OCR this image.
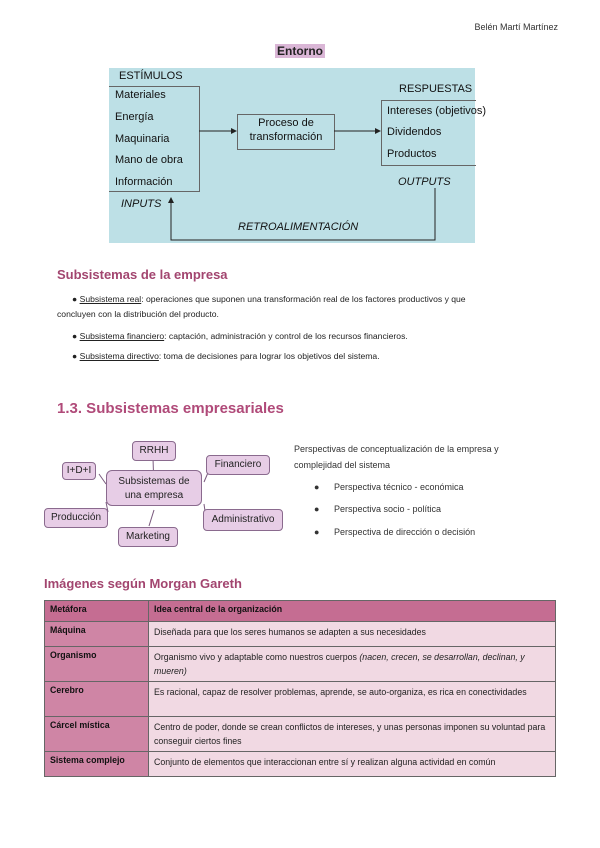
Belén Martí Martínez
Entorno
ESTÍMULOS
Materiales
Energía
Maquinaria
Mano de obra
Información
INPUTS
Proceso de
transformación
RESPUESTAS
Intereses (objetivos)
Dividendos
Productos
OUTPUTS
RETROALIMENTACIÓN
Subsistemas de la empresa
● Subsistema real: operaciones que suponen una transformación real de los factores productivos y que
concluyen con la distribución del producto.
● Subsistema financiero: captación, administración y control de los recursos financieros.
● Subsistema directivo: toma de decisiones para lograr los objetivos del sistema.
1.3. Subsistemas empresariales
Subsistemas de
una empresa
RRHH
Financiero
Administrativo
Marketing
Producción
I+D+I
Perspectivas de conceptualización de la empresa y
complejidad del sistema
● Perspectiva técnico - económica
● Perspectiva socio - política
● Perspectiva de dirección o decisión
Imágenes según Morgan Gareth
Metáfora	Idea central de la organización
Máquina	Diseñada para que los seres humanos se adapten a sus necesidades
Organismo	Organismo vivo y adaptable como nuestros cuerpos (nacen, crecen, se desarrollan, declinan, y mueren)
Cerebro	Es racional, capaz de resolver problemas, aprende, se auto-organiza, es rica en conectividades
Cárcel mística	Centro de poder, donde se crean conflictos de intereses, y unas personas imponen su voluntad para conseguir ciertos fines
Sistema complejo	Conjunto de elementos que interaccionan entre sí y realizan alguna actividad en común
